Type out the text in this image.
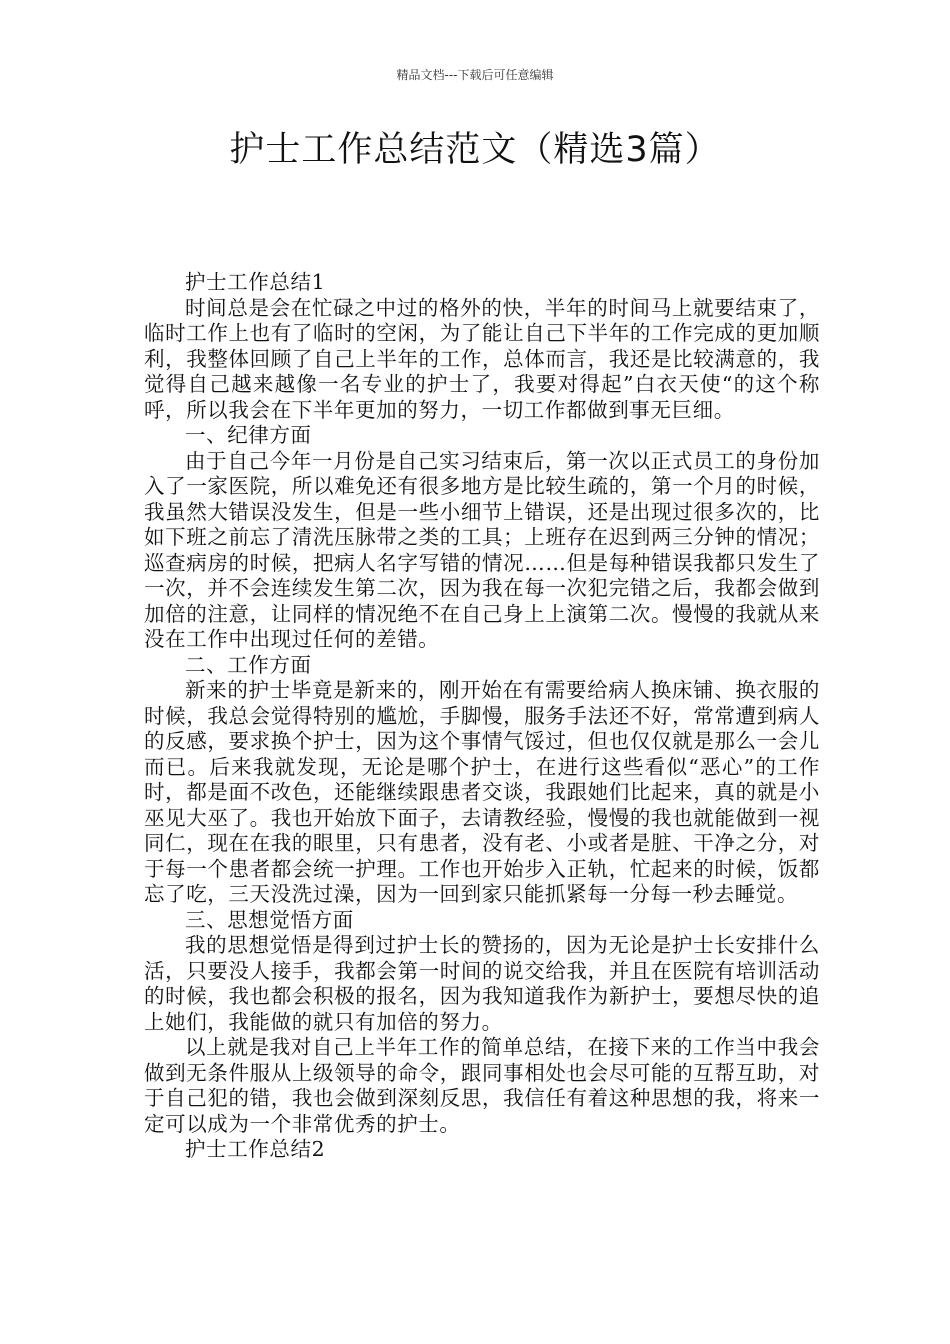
精品文档---下载后可任意编辑
护士工作总结范文（精选3篇）

护士工作总结1

时间总是会在忙碌之中过的格外的快，半年的时间马上就要结束了，临时工作上也有了临时的空闲，为了能让自己下半年的工作完成的更加顺利，我整体回顾了自己上半年的工作，总体而言，我还是比较满意的，我觉得自己越来越像一名专业的护士了，我要对得起”白衣天使“的这个称呼，所以我会在下半年更加的努力，一切工作都做到事无巨细。

一、纪律方面

由于自己今年一月份是自己实习结束后，第一次以正式员工的身份加入了一家医院，所以难免还有很多地方是比较生疏的，第一个月的时候，我虽然大错误没发生，但是一些小细节上错误，还是出现过很多次的，比如下班之前忘了清洗压脉带之类的工具；上班存在迟到两三分钟的情况；巡查病房的时候，把病人名字写错的情况……但是每种错误我都只发生了一次，并不会连续发生第二次，因为我在每一次犯完错之后，我都会做到加倍的注意，让同样的情况绝不在自己身上上演第二次。慢慢的我就从来没在工作中出现过任何的差错。

二、工作方面

新来的护士毕竟是新来的，刚开始在有需要给病人换床铺、换衣服的时候，我总会觉得特别的尴尬，手脚慢，服务手法还不好，常常遭到病人的反感，要求换个护士，因为这个事情气馁过，但也仅仅就是那么一会儿而已。后来我就发现，无论是哪个护士，在进行这些看似“恶心”的工作时，都是面不改色，还能继续跟患者交谈，我跟她们比起来，真的就是小巫见大巫了。我也开始放下面子，去请教经验，慢慢的我也就能做到一视同仁，现在在我的眼里，只有患者，没有老、小或者是脏、干净之分，对于每一个患者都会统一护理。工作也开始步入正轨，忙起来的时候，饭都忘了吃，三天没洗过澡，因为一回到家只能抓紧每一分每一秒去睡觉。

三、思想觉悟方面

我的思想觉悟是得到过护士长的赞扬的，因为无论是护士长安排什么活，只要没人接手，我都会第一时间的说交给我，并且在医院有培训活动的时候，我也都会积极的报名，因为我知道我作为新护士，要想尽快的追上她们，我能做的就只有加倍的努力。

以上就是我对自己上半年工作的简单总结，在接下来的工作当中我会做到无条件服从上级领导的命令，跟同事相处也会尽可能的互帮互助，对于自己犯的错，我也会做到深刻反思，我信任有着这种思想的我，将来一定可以成为一个非常优秀的护士。

护士工作总结2
